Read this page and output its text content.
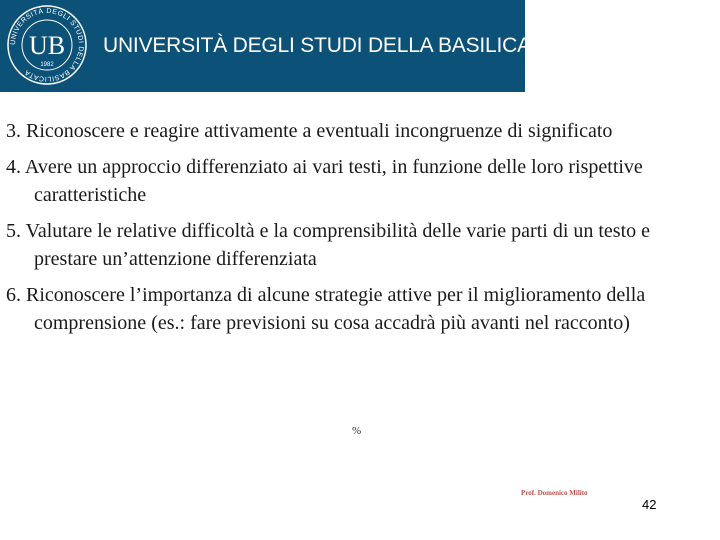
UNIVERSITÀ DEGLI STUDI DELLA BASILICATA
UB
1982
UNIVERSITÀ DEGLI STUDI DELLA BASILICATA
3. Riconoscere e reagire attivamente a eventuali incongruenze di significato
4. Avere un approccio differenziato ai vari testi, in funzione delle loro rispettive caratteristiche
5. Valutare le relative difficoltà e la comprensibilità delle varie parti di un testo e prestare un’attenzione differenziata
6. Riconoscere l’importanza di alcune strategie attive per il miglioramento della comprensione (es.: fare previsioni su cosa accadrà più avanti nel racconto)
%
Prof. Domenico Milito
42
